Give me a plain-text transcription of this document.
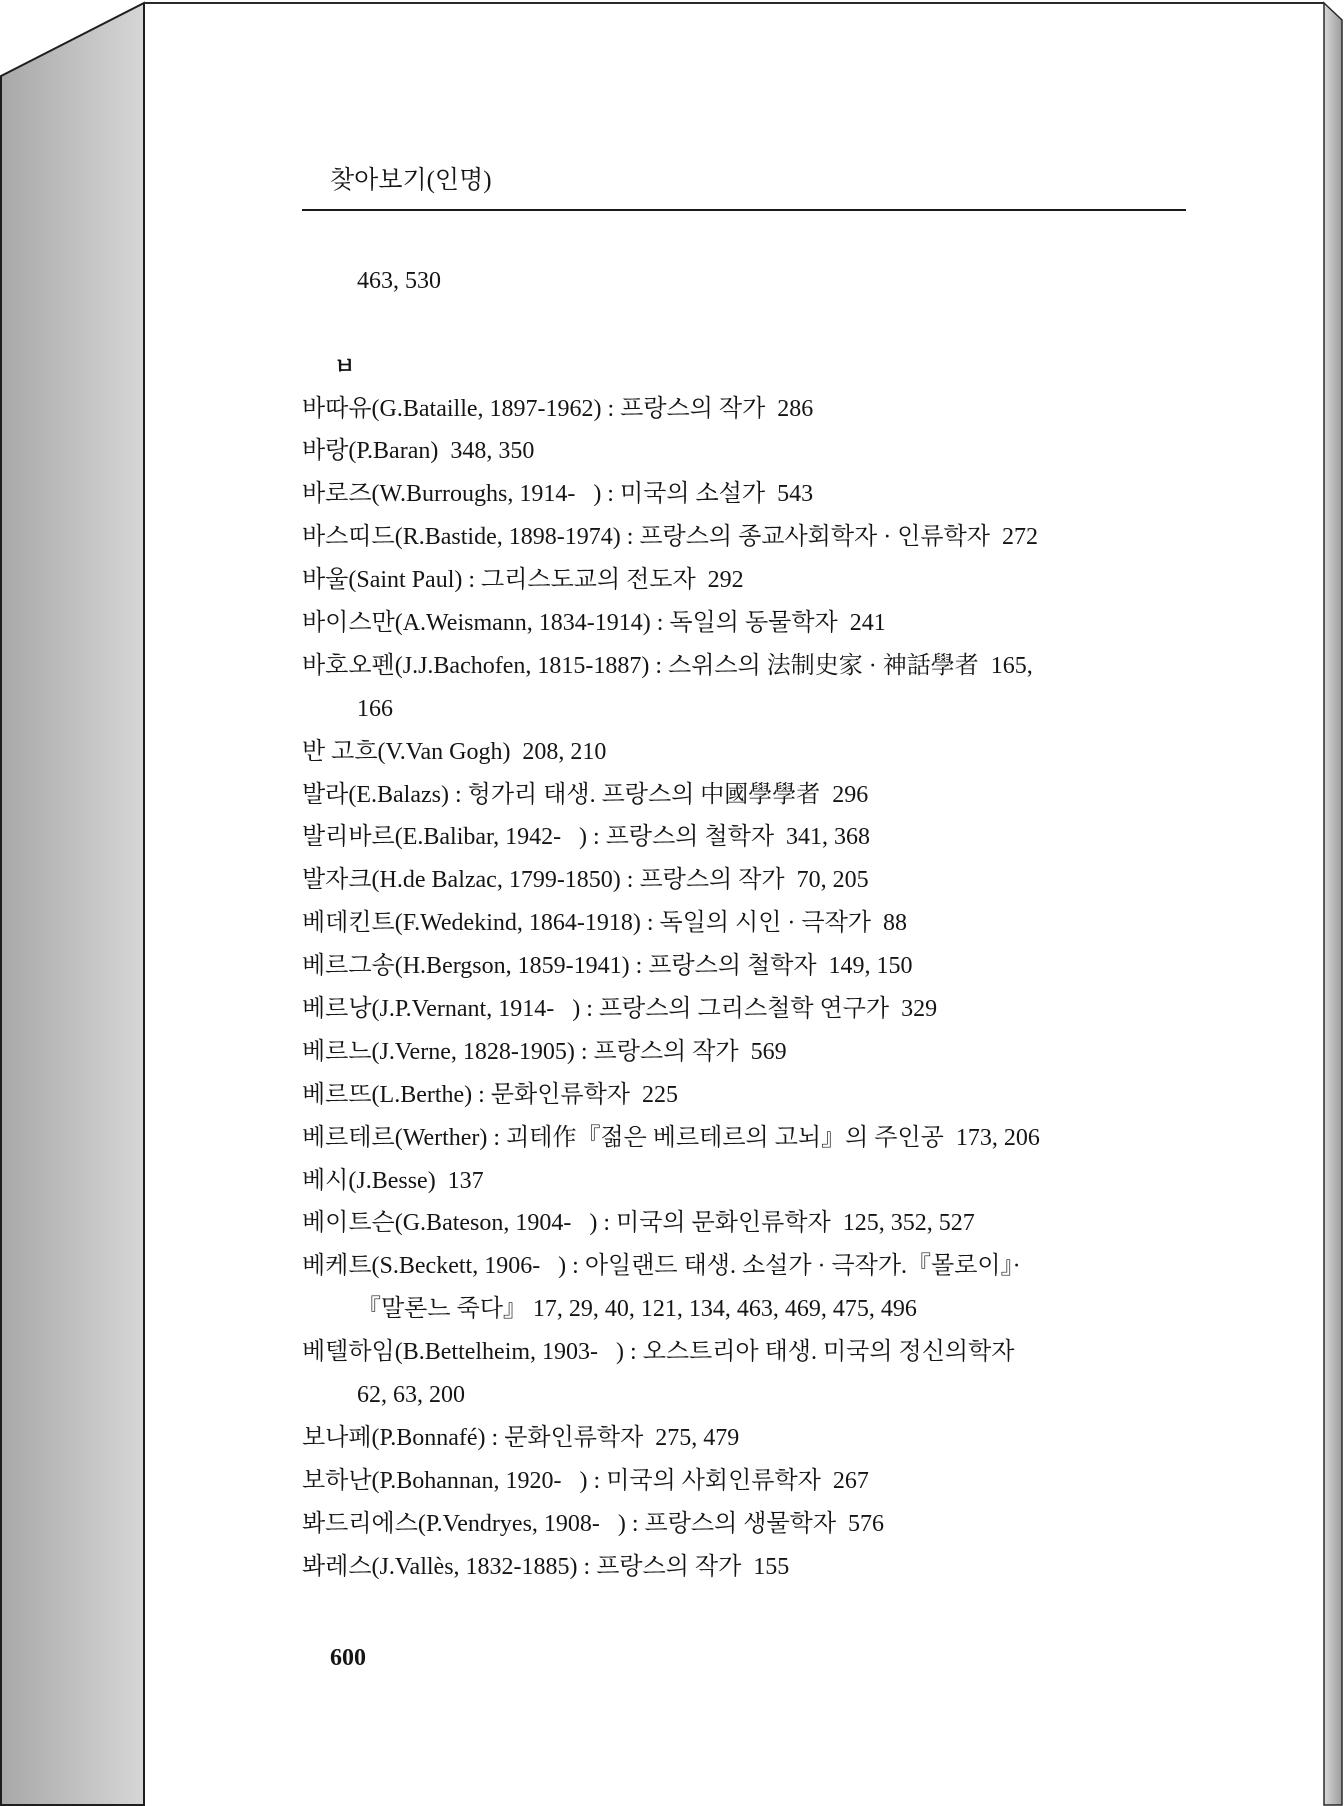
찾아보기(인명)
463, 530
ㅂ
바따유(G.Bataille, 1897-1962) : 프랑스의 작가  286
바랑(P.Baran)  348, 350
바로즈(W.Burroughs, 1914-   ) : 미국의 소설가  543
바스띠드(R.Bastide, 1898-1974) : 프랑스의 종교사회학자 · 인류학자  272
바울(Saint Paul) : 그리스도교의 전도자  292
바이스만(A.Weismann, 1834-1914) : 독일의 동물학자  241
바호오펜(J.J.Bachofen, 1815-1887) : 스위스의 法制史家 · 神話學者  165,
166
반 고흐(V.Van Gogh)  208, 210
발라(E.Balazs) : 헝가리 태생. 프랑스의 中國學學者  296
발리바르(E.Balibar, 1942-   ) : 프랑스의 철학자  341, 368
발자크(H.de Balzac, 1799-1850) : 프랑스의 작가  70, 205
베데킨트(F.Wedekind, 1864-1918) : 독일의 시인 · 극작가  88
베르그송(H.Bergson, 1859-1941) : 프랑스의 철학자  149, 150
베르낭(J.P.Vernant, 1914-   ) : 프랑스의 그리스철학 연구가  329
베르느(J.Verne, 1828-1905) : 프랑스의 작가  569
베르뜨(L.Berthe) : 문화인류학자  225
베르테르(Werther) : 괴테作『젊은 베르테르의 고뇌』의 주인공  173, 206
베시(J.Besse)  137
베이트슨(G.Bateson, 1904-   ) : 미국의 문화인류학자  125, 352, 527
베케트(S.Beckett, 1906-   ) : 아일랜드 태생. 소설가 · 극작가.『몰로이』·
『말론느 죽다』 17, 29, 40, 121, 134, 463, 469, 475, 496
베텔하임(B.Bettelheim, 1903-   ) : 오스트리아 태생. 미국의 정신의학자
62, 63, 200
보나페(P.Bonnafé) : 문화인류학자  275, 479
보하난(P.Bohannan, 1920-   ) : 미국의 사회인류학자  267
봐드리에스(P.Vendryes, 1908-   ) : 프랑스의 생물학자  576
봐레스(J.Vallès, 1832-1885) : 프랑스의 작가  155
600
